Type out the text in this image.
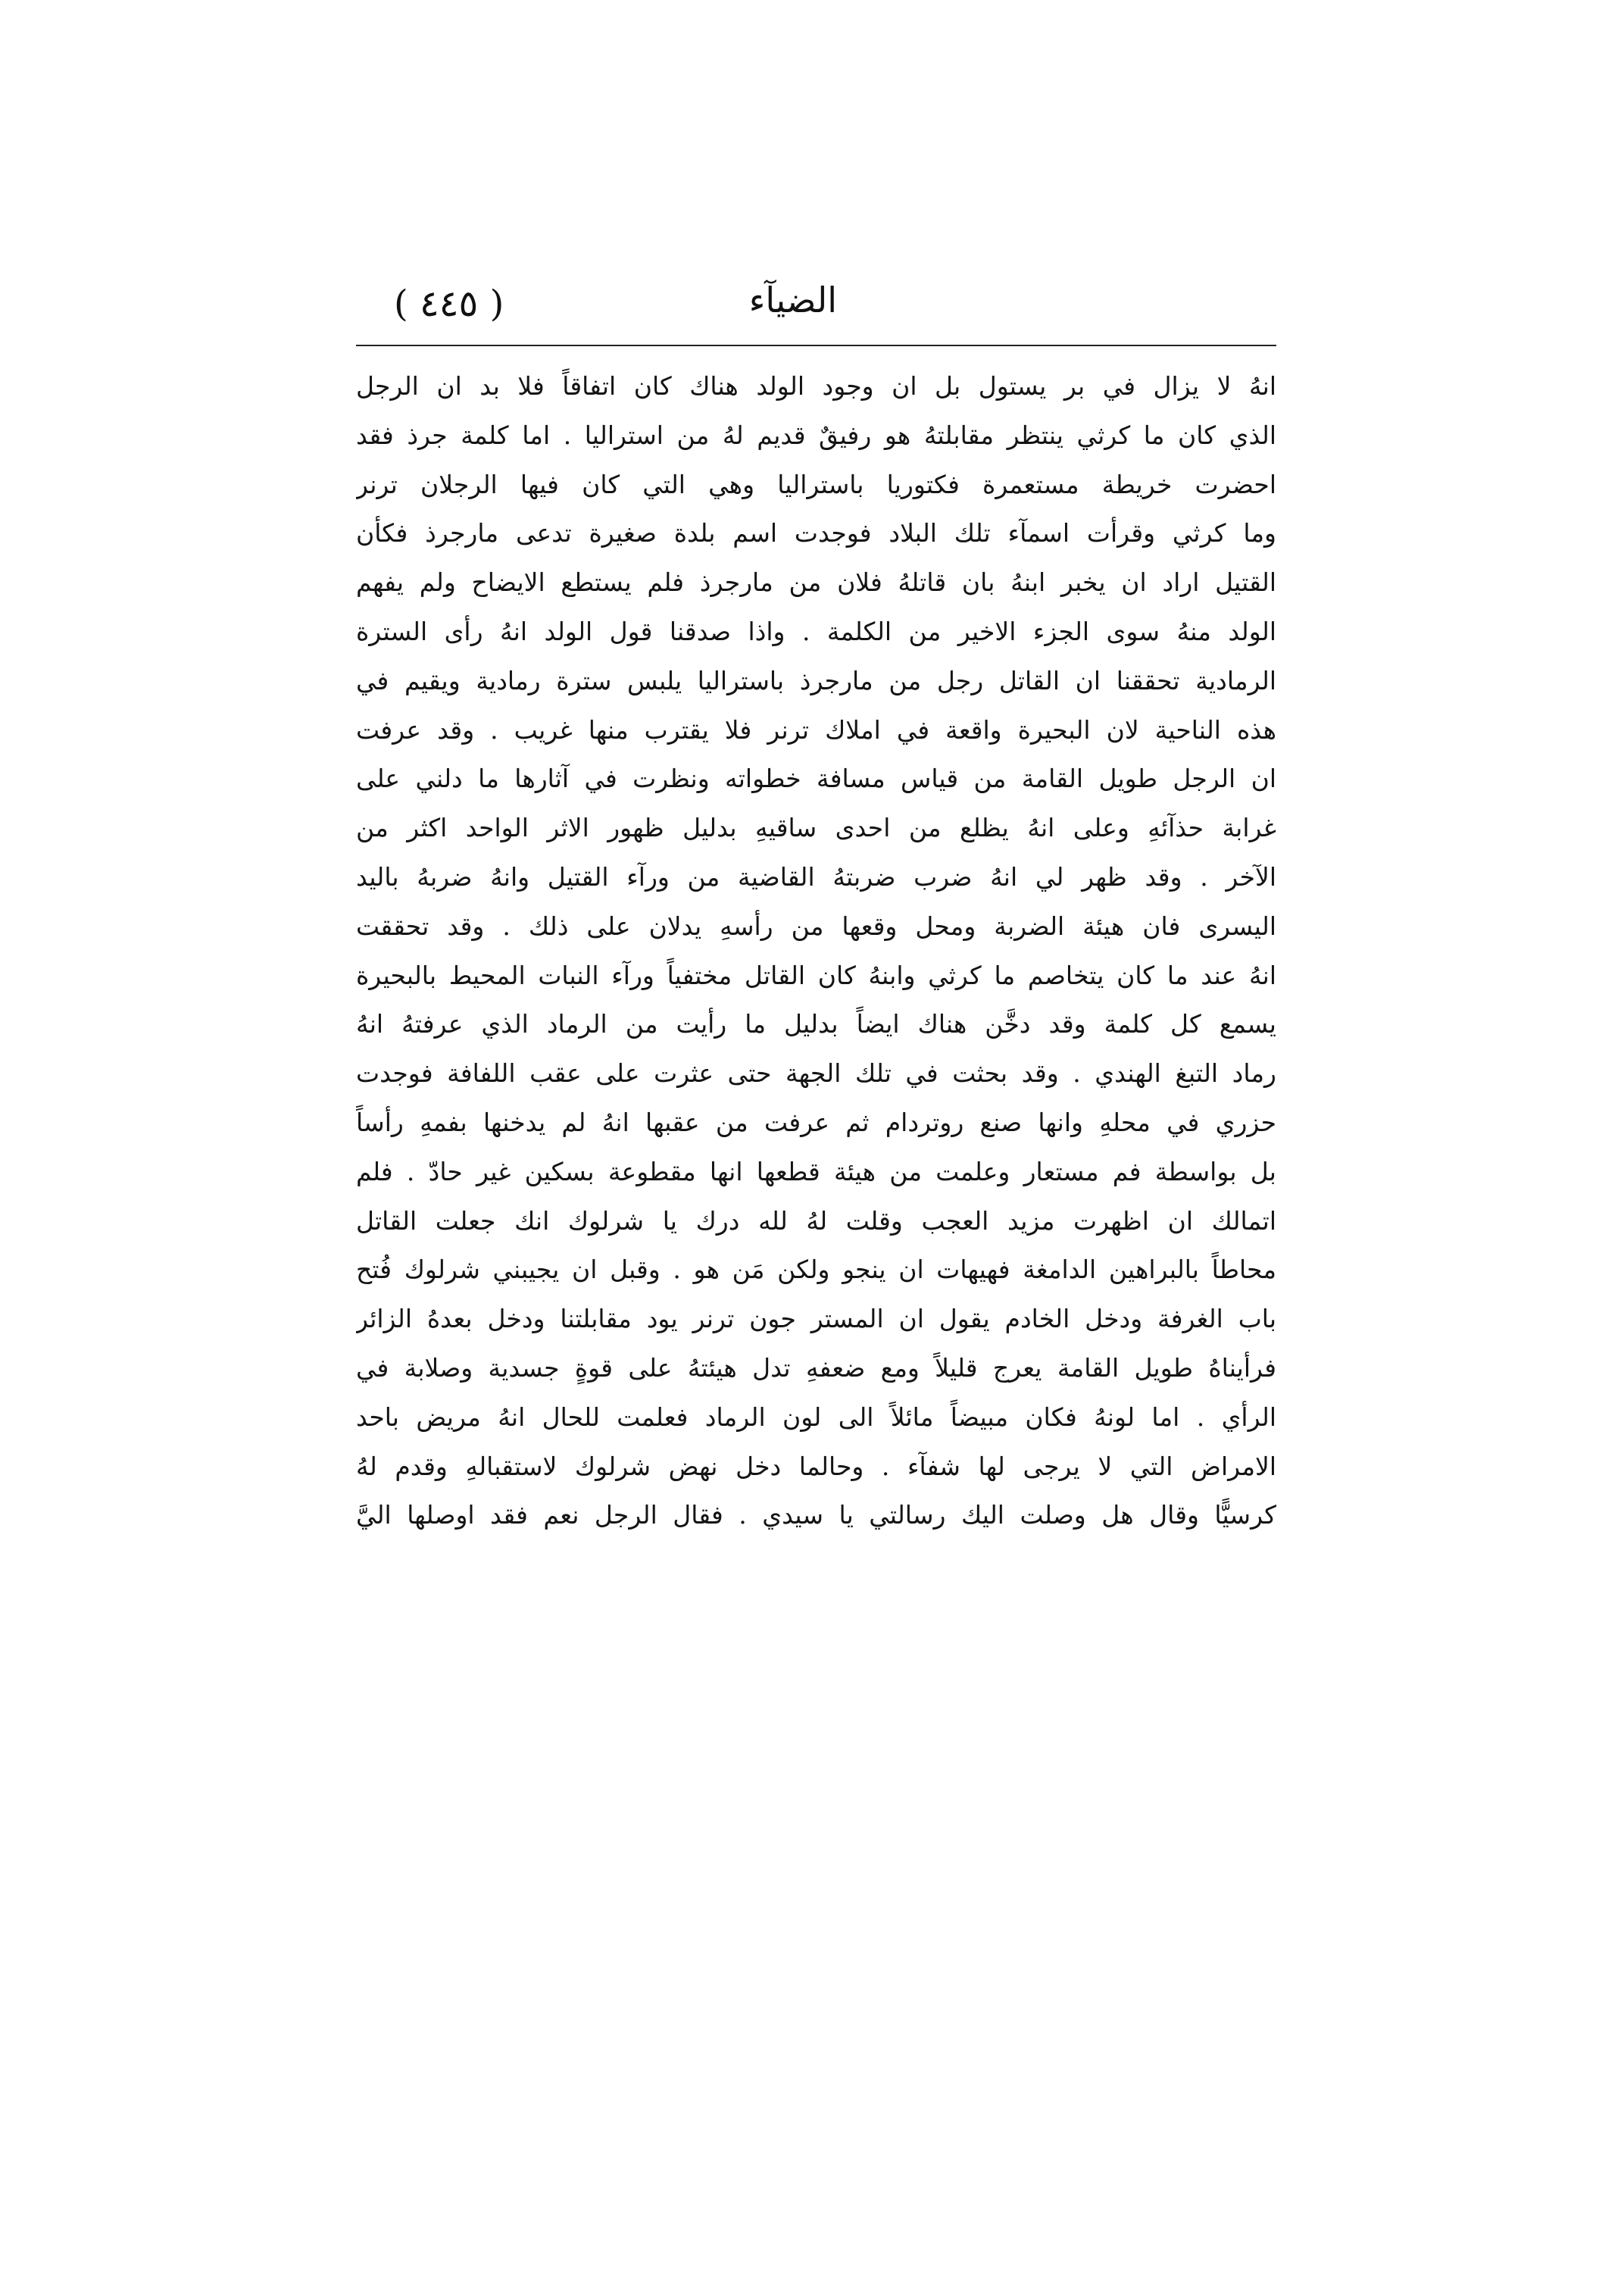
الضيآء
( ٤٤٥ )
انهُ لا يزال في بر يستول بل ان وجود الولد هناك كان اتفاقاً فلا بد ان الرجل
الذي كان ما كرثي ينتظر مقابلتهُ هو رفيقٌ قديم لهُ من استراليا . اما كلمة جرذ فقد
احضرت خريطة مستعمرة فكتوريا باستراليا وهي التي كان فيها الرجلان ترنر
وما كرثي وقرأت اسمآء تلك البلاد فوجدت اسم بلدة صغيرة تدعى مارجرذ فكأن
القتيل اراد ان يخبر ابنهُ بان قاتلهُ فلان من مارجرذ فلم يستطع الايضاح ولم يفهم
الولد منهُ سوى الجزء الاخير من الكلمة . واذا صدقنا قول الولد انهُ رأى السترة
الرمادية تحققنا ان القاتل رجل من مارجرذ باستراليا يلبس سترة رمادية ويقيم في
هذه الناحية لان البحيرة واقعة في املاك ترنر فلا يقترب منها غريب . وقد عرفت
ان الرجل طويل القامة من قياس مسافة خطواته ونظرت في آثارها ما دلني على
غرابة حذآئهِ وعلى انهُ يظلع من احدى ساقيهِ بدليل ظهور الاثر الواحد اكثر من
الآخر . وقد ظهر لي انهُ ضرب ضربتهُ القاضية من ورآء القتيل وانهُ ضربهُ باليد
اليسرى فان هيئة الضربة ومحل وقعها من رأسهِ يدلان على ذلك . وقد تحققت
انهُ عند ما كان يتخاصم ما كرثي وابنهُ كان القاتل مختفياً ورآء النبات المحيط بالبحيرة
يسمع كل كلمة وقد دخَّن هناك ايضاً بدليل ما رأيت من الرماد الذي عرفتهُ انهُ
رماد التبغ الهندي . وقد بحثت في تلك الجهة حتى عثرت على عقب اللفافة فوجدت
حزري في محلهِ وانها صنع روتردام ثم عرفت من عقبها انهُ لم يدخنها بفمهِ رأساً
بل بواسطة فم مستعار وعلمت من هيئة قطعها انها مقطوعة بسكين غير حادّ . فلم
اتمالك ان اظهرت مزيد العجب وقلت لهُ لله درك يا شرلوك انك جعلت القاتل
محاطاً بالبراهين الدامغة فهيهات ان ينجو ولكن مَن هو . وقبل ان يجيبني شرلوك فُتح
باب الغرفة ودخل الخادم يقول ان المستر جون ترنر يود مقابلتنا ودخل بعدهُ الزائر
فرأيناهُ طويل القامة يعرج قليلاً ومع ضعفهِ تدل هيئتهُ على قوةٍ جسدية وصلابة في
الرأي . اما لونهُ فكان مبيضاً مائلاً الى لون الرماد فعلمت للحال انهُ مريض باحد
الامراض التي لا يرجى لها شفآء . وحالما دخل نهض شرلوك لاستقبالهِ وقدم لهُ
كرسيًّا وقال هل وصلت اليك رسالتي يا سيدي . فقال الرجل نعم فقد اوصلها اليَّ
